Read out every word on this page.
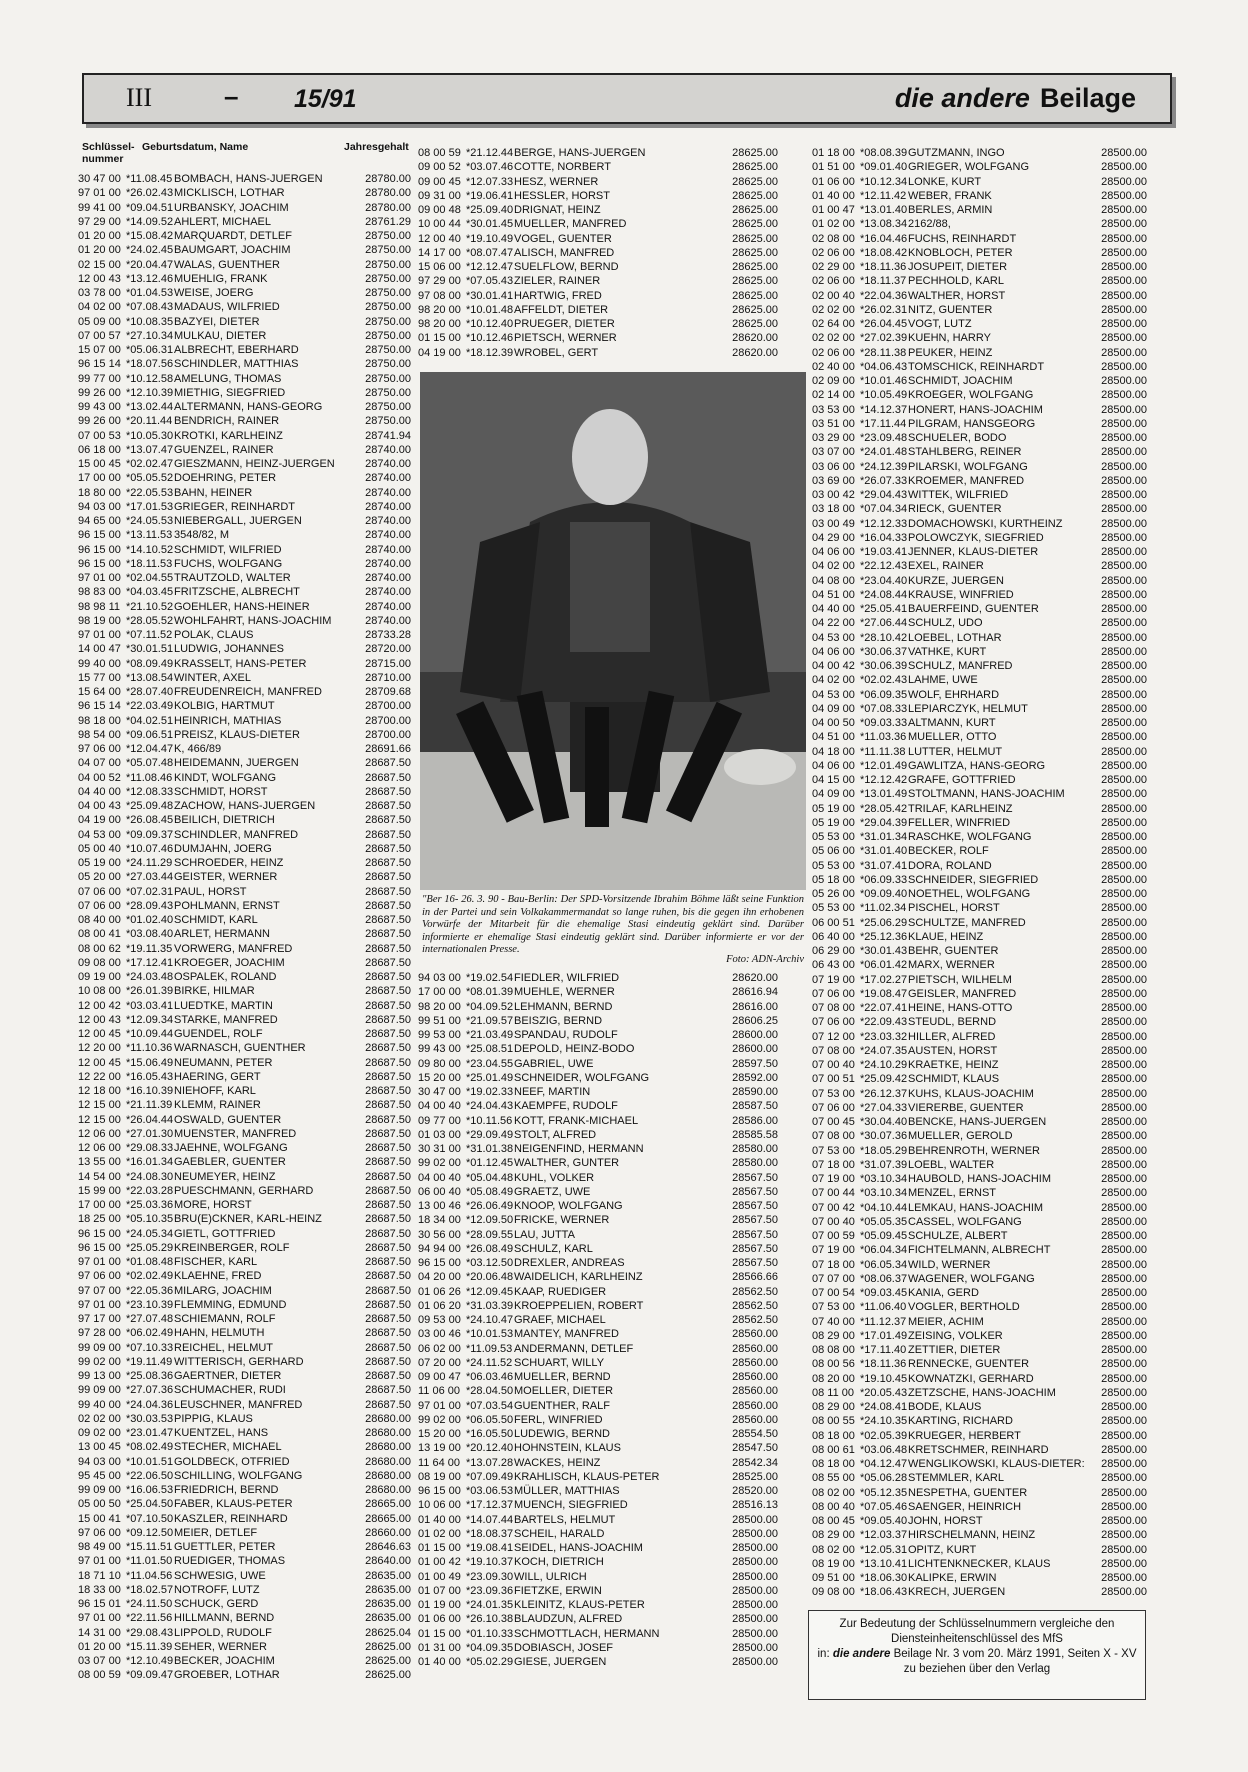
III	– 15/91	die andere Beilage
Schlüssel-
nummer
Geburtsdatum, Name	Jahresgehalt
30 47 00 *11.08.45 BOMBACH, HANS-JUERGEN	28780.00
97 01 00 *26.02.43 MICKLISCH, LOTHAR	28780.00
99 41 00 *09.04.51 URBANSKY, JOACHIM	28780.00
97 29 00 *14.09.52 AHLERT, MICHAEL	28761.29
01 20 00 *15.08.42 MARQUARDT, DETLEF	28750.00
01 20 00 *24.02.45 BAUMGART, JOACHIM	28750.00
02 15 00 *20.04.47 WALAS, GUENTHER	28750.00
12 00 43 *13.12.46 MUEHLIG, FRANK	28750.00
03 78 00 *01.04.53 WEISE, JOERG	28750.00
04 02 00 *07.08.43 MADAUS, WILFRIED	28750.00
05 09 00 *10.08.35 BAZYEI, DIETER	28750.00
07 00 57 *27.10.34 MULKAU, DIETER	28750.00
15 07 00 *05.06.31 ALBRECHT, EBERHARD	28750.00
96 15 14 *18.07.56 SCHINDLER, MATTHIAS	28750.00
99 77 00 *10.12.58 AMELUNG, THOMAS	28750.00
99 26 00 *12.10.39 MIETHIG, SIEGFRIED	28750.00
99 43 00 *13.02.44 ALTERMANN, HANS-GEORG	28750.00
99 26 00 *20.11.44 BENDRICH, RAINER	28750.00
07 00 53 *10.05.30 KROTKI, KARLHEINZ	28741.94
06 18 00 *13.07.47 GUENZEL, RAINER	28740.00
15 00 45 *02.02.47 GIESZMANN, HEINZ-JUERGEN	28740.00
17 00 00 *05.05.52 DOEHRING, PETER	28740.00
18 80 00 *22.05.53 BAHN, HEINER	28740.00
94 03 00 *17.01.53 GRIEGER, REINHARDT	28740.00
94 65 00 *24.05.53 NIEBERGALL, JUERGEN	28740.00
96 15 00 *13.11.53 3548/82, M	28740.00
96 15 00 *14.10.52 SCHMIDT, WILFRIED	28740.00
96 15 00 *18.11.53 FUCHS, WOLFGANG	28740.00
97 01 00 *02.04.55 TRAUTZOLD, WALTER	28740.00
98 83 00 *04.03.45 FRITZSCHE, ALBRECHT	28740.00
98 98 11 *21.10.52 GOEHLER, HANS-HEINER	28740.00
98 19 00 *28.05.52 WOHLFAHRT, HANS-JOACHIM	28740.00
97 01 00 *07.11.52 POLAK, CLAUS	28733.28
14 00 47 *30.01.51 LUDWIG, JOHANNES	28720.00
99 40 00 *08.09.49 KRASSELT, HANS-PETER	28715.00
15 77 00 *13.08.54 WINTER, AXEL	28710.00
15 64 00 *28.07.40 FREUDENREICH, MANFRED	28709.68
96 15 14 *22.03.49 KOLBIG, HARTMUT	28700.00
98 18 00 *04.02.51 HEINRICH, MATHIAS	28700.00
98 54 00 *09.06.51 PREISZ, KLAUS-DIETER	28700.00
97 06 00 *12.04.47 K, 466/89	28691.66
04 07 00 *05.07.48 HEIDEMANN, JUERGEN	28687.50
04 00 52 *11.08.46 KINDT, WOLFGANG	28687.50
04 40 00 *12.08.33 SCHMIDT, HORST	28687.50
04 00 43 *25.09.48 ZACHOW, HANS-JUERGEN	28687.50
04 19 00 *26.08.45 BEILICH, DIETRICH	28687.50
04 53 00 *09.09.37 SCHINDLER, MANFRED	28687.50
05 00 40 *10.07.46 DUMJAHN, JOERG	28687.50
05 19 00 *24.11.29 SCHROEDER, HEINZ	28687.50
05 20 00 *27.03.44 GEISTER, WERNER	28687.50
07 06 00 *07.02.31 PAUL, HORST	28687.50
07 06 00 *28.09.43 POHLMANN, ERNST	28687.50
08 40 00 *01.02.40 SCHMIDT, KARL	28687.50
08 00 41 *03.08.40 ARLET, HERMANN	28687.50
08 00 62 *19.11.35 VORWERG, MANFRED	28687.50
09 08 00 *17.12.41 KROEGER, JOACHIM	28687.50
09 19 00 *24.03.48 OSPALEK, ROLAND	28687.50
10 08 00 *26.01.39 BIRKE, HILMAR	28687.50
12 00 42 *03.03.41 LUEDTKE, MARTIN	28687.50
12 00 43 *12.09.34 STARKE, MANFRED	28687.50
12 00 45 *10.09.44 GUENDEL, ROLF	28687.50
12 20 00 *11.10.36 WARNASCH, GUENTHER	28687.50
12 00 45 *15.06.49 NEUMANN, PETER	28687.50
12 22 00 *16.05.43 HAERING, GERT	28687.50
12 18 00 *16.10.39 NIEHOFF, KARL	28687.50
12 15 00 *21.11.39 KLEMM, RAINER	28687.50
12 15 00 *26.04.44 OSWALD, GUENTER	28687.50
12 06 00 *27.01.30 MUENSTER, MANFRED	28687.50
12 06 00 *29.08.33 JAEHNE, WOLFGANG	28687.50
13 55 00 *16.01.34 GAEBLER, GUENTER	28687.50
14 54 00 *24.08.30 NEUMEYER, HEINZ	28687.50
15 99 00 *22.03.28 PUESCHMANN, GERHARD	28687.50
17 00 00 *25.03.36 MORE, HORST	28687.50
18 25 00 *05.10.35 BRU(E)CKNER, KARL-HEINZ	28687.50
96 15 00 *24.05.34 GIETL, GOTTFRIED	28687.50
96 15 00 *25.05.29 KREINBERGER, ROLF	28687.50
97 01 00 *01.08.48 FISCHER, KARL	28687.50
97 06 00 *02.02.49 KLAEHNE, FRED	28687.50
97 07 00 *22.05.36 MILARG, JOACHIM	28687.50
97 01 00 *23.10.39 FLEMMING, EDMUND	28687.50
97 17 00 *27.07.48 SCHIEMANN, ROLF	28687.50
97 28 00 *06.02.49 HAHN, HELMUTH	28687.50
99 09 00 *07.10.33 REICHEL, HELMUT	28687.50
99 02 00 *19.11.49 WITTERISCH, GERHARD	28687.50
99 13 00 *25.08.36 GAERTNER, DIETER	28687.50
99 09 00 *27.07.36 SCHUMACHER, RUDI	28687.50
99 40 00 *24.04.36 LEUSCHNER, MANFRED	28687.50
02 02 00 *30.03.53 PIPPIG, KLAUS	28680.00
09 02 00 *23.01.47 KUENTZEL, HANS	28680.00
13 00 45 *08.02.49 STECHER, MICHAEL	28680.00
94 03 00 *10.01.51 GOLDBECK, OTFRIED	28680.00
95 45 00 *22.06.50 SCHILLING, WOLFGANG	28680.00
99 09 00 *16.06.53 FRIEDRICH, BERND	28680.00
05 00 50 *25.04.50 FABER, KLAUS-PETER	28665.00
15 00 41 *07.10.50 KASZLER, REINHARD	28665.00
97 06 00 *09.12.50 MEIER, DETLEF	28660.00
98 49 00 *15.11.51 GUETTLER, PETER	28646.63
97 01 00 *11.01.50 RUEDIGER, THOMAS	28640.00
18 71 10 *11.04.56 SCHWESIG, UWE	28635.00
18 33 00 *18.02.57 NOTROFF, LUTZ	28635.00
96 15 01 *24.11.50 SCHUCK, GERD	28635.00
97 01 00 *22.11.56 HILLMANN, BERND	28635.00
14 31 00 *29.08.43 LIPPOLD, RUDOLF	28625.04
01 20 00 *15.11.39 SEHER, WERNER	28625.00
03 07 00 *12.10.49 BECKER, JOACHIM	28625.00
08 00 59 *09.09.47 GROEBER, LOTHAR	28625.00
08 00 59 *21.12.44 BERGE, HANS-JUERGEN	28625.00
09 00 52 *03.07.46 COTTE, NORBERT	28625.00
09 00 45 *12.07.33 HESZ, WERNER	28625.00
09 31 00 *19.06.41 HESSLER, HORST	28625.00
09 00 48 *25.09.40 DRIGNAT, HEINZ	28625.00
10 00 44 *30.01.45 MUELLER, MANFRED	28625.00
12 00 40 *19.10.49 VOGEL, GUENTER	28625.00
14 17 00 *08.07.47 ALISCH, MANFRED	28625.00
15 06 00 *12.12.47 SUELFLOW, BERND	28625.00
97 29 00 *07.05.43 ZIELER, RAINER	28625.00
97 08 00 *30.01.41 HARTWIG, FRED	28625.00
98 20 00 *10.01.48 AFFELDT, DIETER	28625.00
98 20 00 *10.12.40 PRUEGER, DIETER	28625.00
01 15 00 *10.12.46 PIETSCH, WERNER	28620.00
04 19 00 *18.12.39 WROBEL, GERT	28620.00
94 03 00 *19.02.54 FIEDLER, WILFRIED	28620.00
17 00 00 *08.01.39 MUEHLE, WERNER	28616.94
98 20 00 *04.09.52 LEHMANN, BERND	28616.00
99 51 00 *21.09.57 BEISZIG, BERND	28606.25
99 53 00 *21.03.49 SPANDAU, RUDOLF	28600.00
99 43 00 *25.08.51 DEPOLD, HEINZ-BODO	28600.00
09 80 00 *23.04.55 GABRIEL, UWE	28597.50
15 20 00 *25.01.49 SCHNEIDER, WOLFGANG	28592.00
30 47 00 *19.02.33 NEEF, MARTIN	28590.00
04 00 40 *24.04.43 KAEMPFE, RUDOLF	28587.50
09 77 00 *10.11.56 KOTT, FRANK-MICHAEL	28586.00
01 03 00 *29.09.49 STOLT, ALFRED	28585.58
30 31 00 *31.01.38 NEIGENFIND, HERMANN	28580.00
99 02 00 *01.12.45 WALTHER, GUNTER	28580.00
04 00 40 *05.04.48 KUHL, VOLKER	28567.50
06 00 40 *05.08.49 GRAETZ, UWE	28567.50
13 00 46 *26.06.49 KNOOP, WOLFGANG	28567.50
18 34 00 *12.09.50 FRICKE, WERNER	28567.50
30 56 00 *28.09.55 LAU, JUTTA	28567.50
94 94 00 *26.08.49 SCHULZ, KARL	28567.50
96 15 00 *03.12.50 DREXLER, ANDREAS	28567.50
04 20 00 *20.06.48 WAIDELICH, KARLHEINZ	28566.66
01 06 26 *12.09.45 KAAP, RUEDIGER	28562.50
01 06 20 *31.03.39 KROEPPELIEN, ROBERT	28562.50
09 53 00 *24.10.47 GRAEF, MICHAEL	28562.50
03 00 46 *10.01.53 MANTEY, MANFRED	28560.00
06 02 00 *11.09.53 ANDERMANN, DETLEF	28560.00
07 20 00 *24.11.52 SCHUART, WILLY	28560.00
09 00 47 *06.03.46 MUELLER, BERND	28560.00
11 06 00 *28.04.50 MOELLER, DIETER	28560.00
97 01 00 *07.03.54 GUENTHER, RALF	28560.00
99 02 00 *06.05.50 FERL, WINFRIED	28560.00
15 20 00 *16.05.50 LUDEWIG, BERND	28554.50
13 19 00 *20.12.40 HOHNSTEIN, KLAUS	28547.50
11 64 00 *13.07.28 WACKES, HEINZ	28542.34
08 19 00 *07.09.49 KRAHLISCH, KLAUS-PETER	28525.00
96 15 00 *03.06.53 MÜLLER, MATTHIAS	28520.00
10 06 00 *17.12.37 MUENCH, SIEGFRIED	28516.13
01 40 00 *14.07.44 BARTELS, HELMUT	28500.00
01 02 00 *18.08.37 SCHEIL, HARALD	28500.00
01 15 00 *19.08.41 SEIDEL, HANS-JOACHIM	28500.00
01 00 42 *19.10.37 KOCH, DIETRICH	28500.00
01 00 49 *23.09.30 WILL, ULRICH	28500.00
01 07 00 *23.09.36 FIETZKE, ERWIN	28500.00
01 19 00 *24.01.35 KLEINITZ, KLAUS-PETER	28500.00
01 06 00 *26.10.38 BLAUDZUN, ALFRED	28500.00
01 15 00 *01.10.33 SCHMOTTLACH, HERMANN	28500.00
01 31 00 *04.09.35 DOBIASCH, JOSEF	28500.00
01 40 00 *05.02.29 GIESE, JUERGEN	28500.00
01 18 00 *08.08.39 GUTZMANN, INGO	28500.00
01 51 00 *09.01.40 GRIEGER, WOLFGANG	28500.00
01 06 00 *10.12.34 LONKE, KURT	28500.00
01 40 00 *12.11.42 WEBER, FRANK	28500.00
01 00 47 *13.01.40 BERLES, ARMIN	28500.00
01 02 00 *13.08.34 2162/88,	28500.00
02 08 00 *16.04.46 FUCHS, REINHARDT	28500.00
02 06 00 *18.08.42 KNOBLOCH, PETER	28500.00
02 29 00 *18.11.36 JOSUPEIT, DIETER	28500.00
02 06 00 *18.11.37 PECHHOLD, KARL	28500.00
02 00 40 *22.04.36 WALTHER, HORST	28500.00
02 02 00 *26.02.31 NITZ, GUENTER	28500.00
02 64 00 *26.04.45 VOGT, LUTZ	28500.00
02 02 00 *27.02.39 KUEHN, HARRY	28500.00
02 06 00 *28.11.38 PEUKER, HEINZ	28500.00
02 40 00 *04.06.43 TOMSCHICK, REINHARDT	28500.00
02 09 00 *10.01.46 SCHMIDT, JOACHIM	28500.00
02 14 00 *10.05.49 KROEGER, WOLFGANG	28500.00
03 53 00 *14.12.37 HONERT, HANS-JOACHIM	28500.00
03 51 00 *17.11.44 PILGRAM, HANSGEORG	28500.00
03 29 00 *23.09.48 SCHUELER, BODO	28500.00
03 07 00 *24.01.48 STAHLBERG, REINER	28500.00
03 06 00 *24.12.39 PILARSKI, WOLFGANG	28500.00
03 69 00 *26.07.33 KROEMER, MANFRED	28500.00
03 00 42 *29.04.43 WITTEK, WILFRIED	28500.00
03 18 00 *07.04.34 RIECK, GUENTER	28500.00
03 00 49 *12.12.33 DOMACHOWSKI, KURTHEINZ	28500.00
04 29 00 *16.04.33 POLOWCZYK, SIEGFRIED	28500.00
04 06 00 *19.03.41 JENNER, KLAUS-DIETER	28500.00
04 02 00 *22.12.43 EXEL, RAINER	28500.00
04 08 00 *23.04.40 KURZE, JUERGEN	28500.00
04 51 00 *24.08.44 KRAUSE, WINFRIED	28500.00
04 40 00 *25.05.41 BAUERFEIND, GUENTER	28500.00
04 22 00 *27.06.44 SCHULZ, UDO	28500.00
04 53 00 *28.10.42 LOEBEL, LOTHAR	28500.00
04 06 00 *30.06.37 VATHKE, KURT	28500.00
04 00 42 *30.06.39 SCHULZ, MANFRED	28500.00
04 02 00 *02.02.43 LAHME, UWE	28500.00
04 53 00 *06.09.35 WOLF, EHRHARD	28500.00
04 09 00 *07.08.33 LEPIARCZYK, HELMUT	28500.00
04 00 50 *09.03.33 ALTMANN, KURT	28500.00
04 51 00 *11.03.36 MUELLER, OTTO	28500.00
04 18 00 *11.11.38 LUTTER, HELMUT	28500.00
04 06 00 *12.01.49 GAWLITZA, HANS-GEORG	28500.00
04 15 00 *12.12.42 GRAFE, GOTTFRIED	28500.00
04 09 00 *13.01.49 STOLTMANN, HANS-JOACHIM	28500.00
05 19 00 *28.05.42 TRILAF, KARLHEINZ	28500.00
05 19 00 *29.04.39 FELLER, WINFRIED	28500.00
05 53 00 *31.01.34 RASCHKE, WOLFGANG	28500.00
05 06 00 *31.01.40 BECKER, ROLF	28500.00
05 53 00 *31.07.41 DORA, ROLAND	28500.00
05 18 00 *06.09.33 SCHNEIDER, SIEGFRIED	28500.00
05 26 00 *09.09.40 NOETHEL, WOLFGANG	28500.00
05 53 00 *11.02.34 PISCHEL, HORST	28500.00
06 00 51 *25.06.29 SCHULTZE, MANFRED	28500.00
06 40 00 *25.12.36 KLAUE, HEINZ	28500.00
06 29 00 *30.01.43 BEHR, GUENTER	28500.00
06 43 00 *06.01.42 MARX, WERNER	28500.00
07 19 00 *17.02.27 PIETSCH, WILHELM	28500.00
07 06 00 *19.08.47 GEISLER, MANFRED	28500.00
07 08 00 *22.07.41 HEINE, HANS-OTTO	28500.00
07 06 00 *22.09.43 STEUDL, BERND	28500.00
07 12 00 *23.03.32 HILLER, ALFRED	28500.00
07 08 00 *24.07.35 AUSTEN, HORST	28500.00
07 00 40 *24.10.29 KRAETKE, HEINZ	28500.00
07 00 51 *25.09.42 SCHMIDT, KLAUS	28500.00
07 53 00 *26.12.37 KUHS, KLAUS-JOACHIM	28500.00
07 06 00 *27.04.33 VIERERBE, GUENTER	28500.00
07 00 45 *30.04.40 BENCKE, HANS-JUERGEN	28500.00
07 08 00 *30.07.36 MUELLER, GEROLD	28500.00
07 53 00 *18.05.29 BEHRENROTH, WERNER	28500.00
07 18 00 *31.07.39 LOEBL, WALTER	28500.00
07 19 00 *03.10.34 HAUBOLD, HANS-JOACHIM	28500.00
07 00 44 *03.10.34 MENZEL, ERNST	28500.00
07 00 42 *04.10.44 LEMKAU, HANS-JOACHIM	28500.00
07 00 40 *05.05.35 CASSEL, WOLFGANG	28500.00
07 00 59 *05.09.45 SCHULZE, ALBERT	28500.00
07 19 00 *06.04.34 FICHTELMANN, ALBRECHT	28500.00
07 18 00 *06.05.34 WILD, WERNER	28500.00
07 07 00 *08.06.37 WAGENER, WOLFGANG	28500.00
07 00 54 *09.03.45 KANIA, GERD	28500.00
07 53 00 *11.06.40 VOGLER, BERTHOLD	28500.00
07 40 00 *11.12.37 MEIER, ACHIM	28500.00
08 29 00 *17.01.49 ZEISING, VOLKER	28500.00
08 08 00 *17.11.40 ZETTIER, DIETER	28500.00
08 00 56 *18.11.36 RENNECKE, GUENTER	28500.00
08 20 00 *19.10.45 KOWNATZKI, GERHARD	28500.00
08 11 00 *20.05.43 ZETZSCHE, HANS-JOACHIM	28500.00
08 29 00 *24.08.41 BODE, KLAUS	28500.00
08 00 55 *24.10.35 KARTING, RICHARD	28500.00
08 18 00 *02.05.39 KRUEGER, HERBERT	28500.00
08 00 61 *03.06.48 KRETSCHMER, REINHARD	28500.00
08 18 00 *04.12.47 WENGLIKOWSKI, KLAUS-DIETER: 28500.00
08 55 00 *05.06.28 STEMMLER, KARL	28500.00
08 02 00 *05.12.35 NESPETHA, GUENTER	28500.00
08 00 40 *07.05.46 SAENGER, HEINRICH	28500.00
08 00 45 *09.05.40 JOHN, HORST	28500.00
08 29 00 *12.03.37 HIRSCHELMANN, HEINZ	28500.00
08 02 00 *12.05.31 OPITZ, KURT	28500.00
08 19 00 *13.10.41 LICHTENKNECKER, KLAUS	28500.00
09 51 00 *18.06.30 KALIPKE, ERWIN	28500.00
09 08 00 *18.06.43 KRECH, JUERGEN	28500.00
"Ber 16- 26. 3. 90 - Bau-Berlin: Der SPD-Vorsitzende Ibrahim Böhme läßt seine Funktion in der Partei und sein Volkakammermandat so lange ruhen, bis die gegen ihn erhobenen Vorwürfe der Mitarbeit für die ehemalige Stasi eindeutig geklärt sind. Darüber informierte er ehemalige Stasi eindeutig geklärt sind. Darüber informierte er vor der internationalen Presse.
Foto: ADN-Archiv
Zur Bedeutung der Schlüsselnummern vergleiche den
Diensteinheitenschlüssel des MfS
in: die andere Beilage Nr. 3 vom 20. März 1991, Seiten X - XV
zu beziehen über den Verlag
